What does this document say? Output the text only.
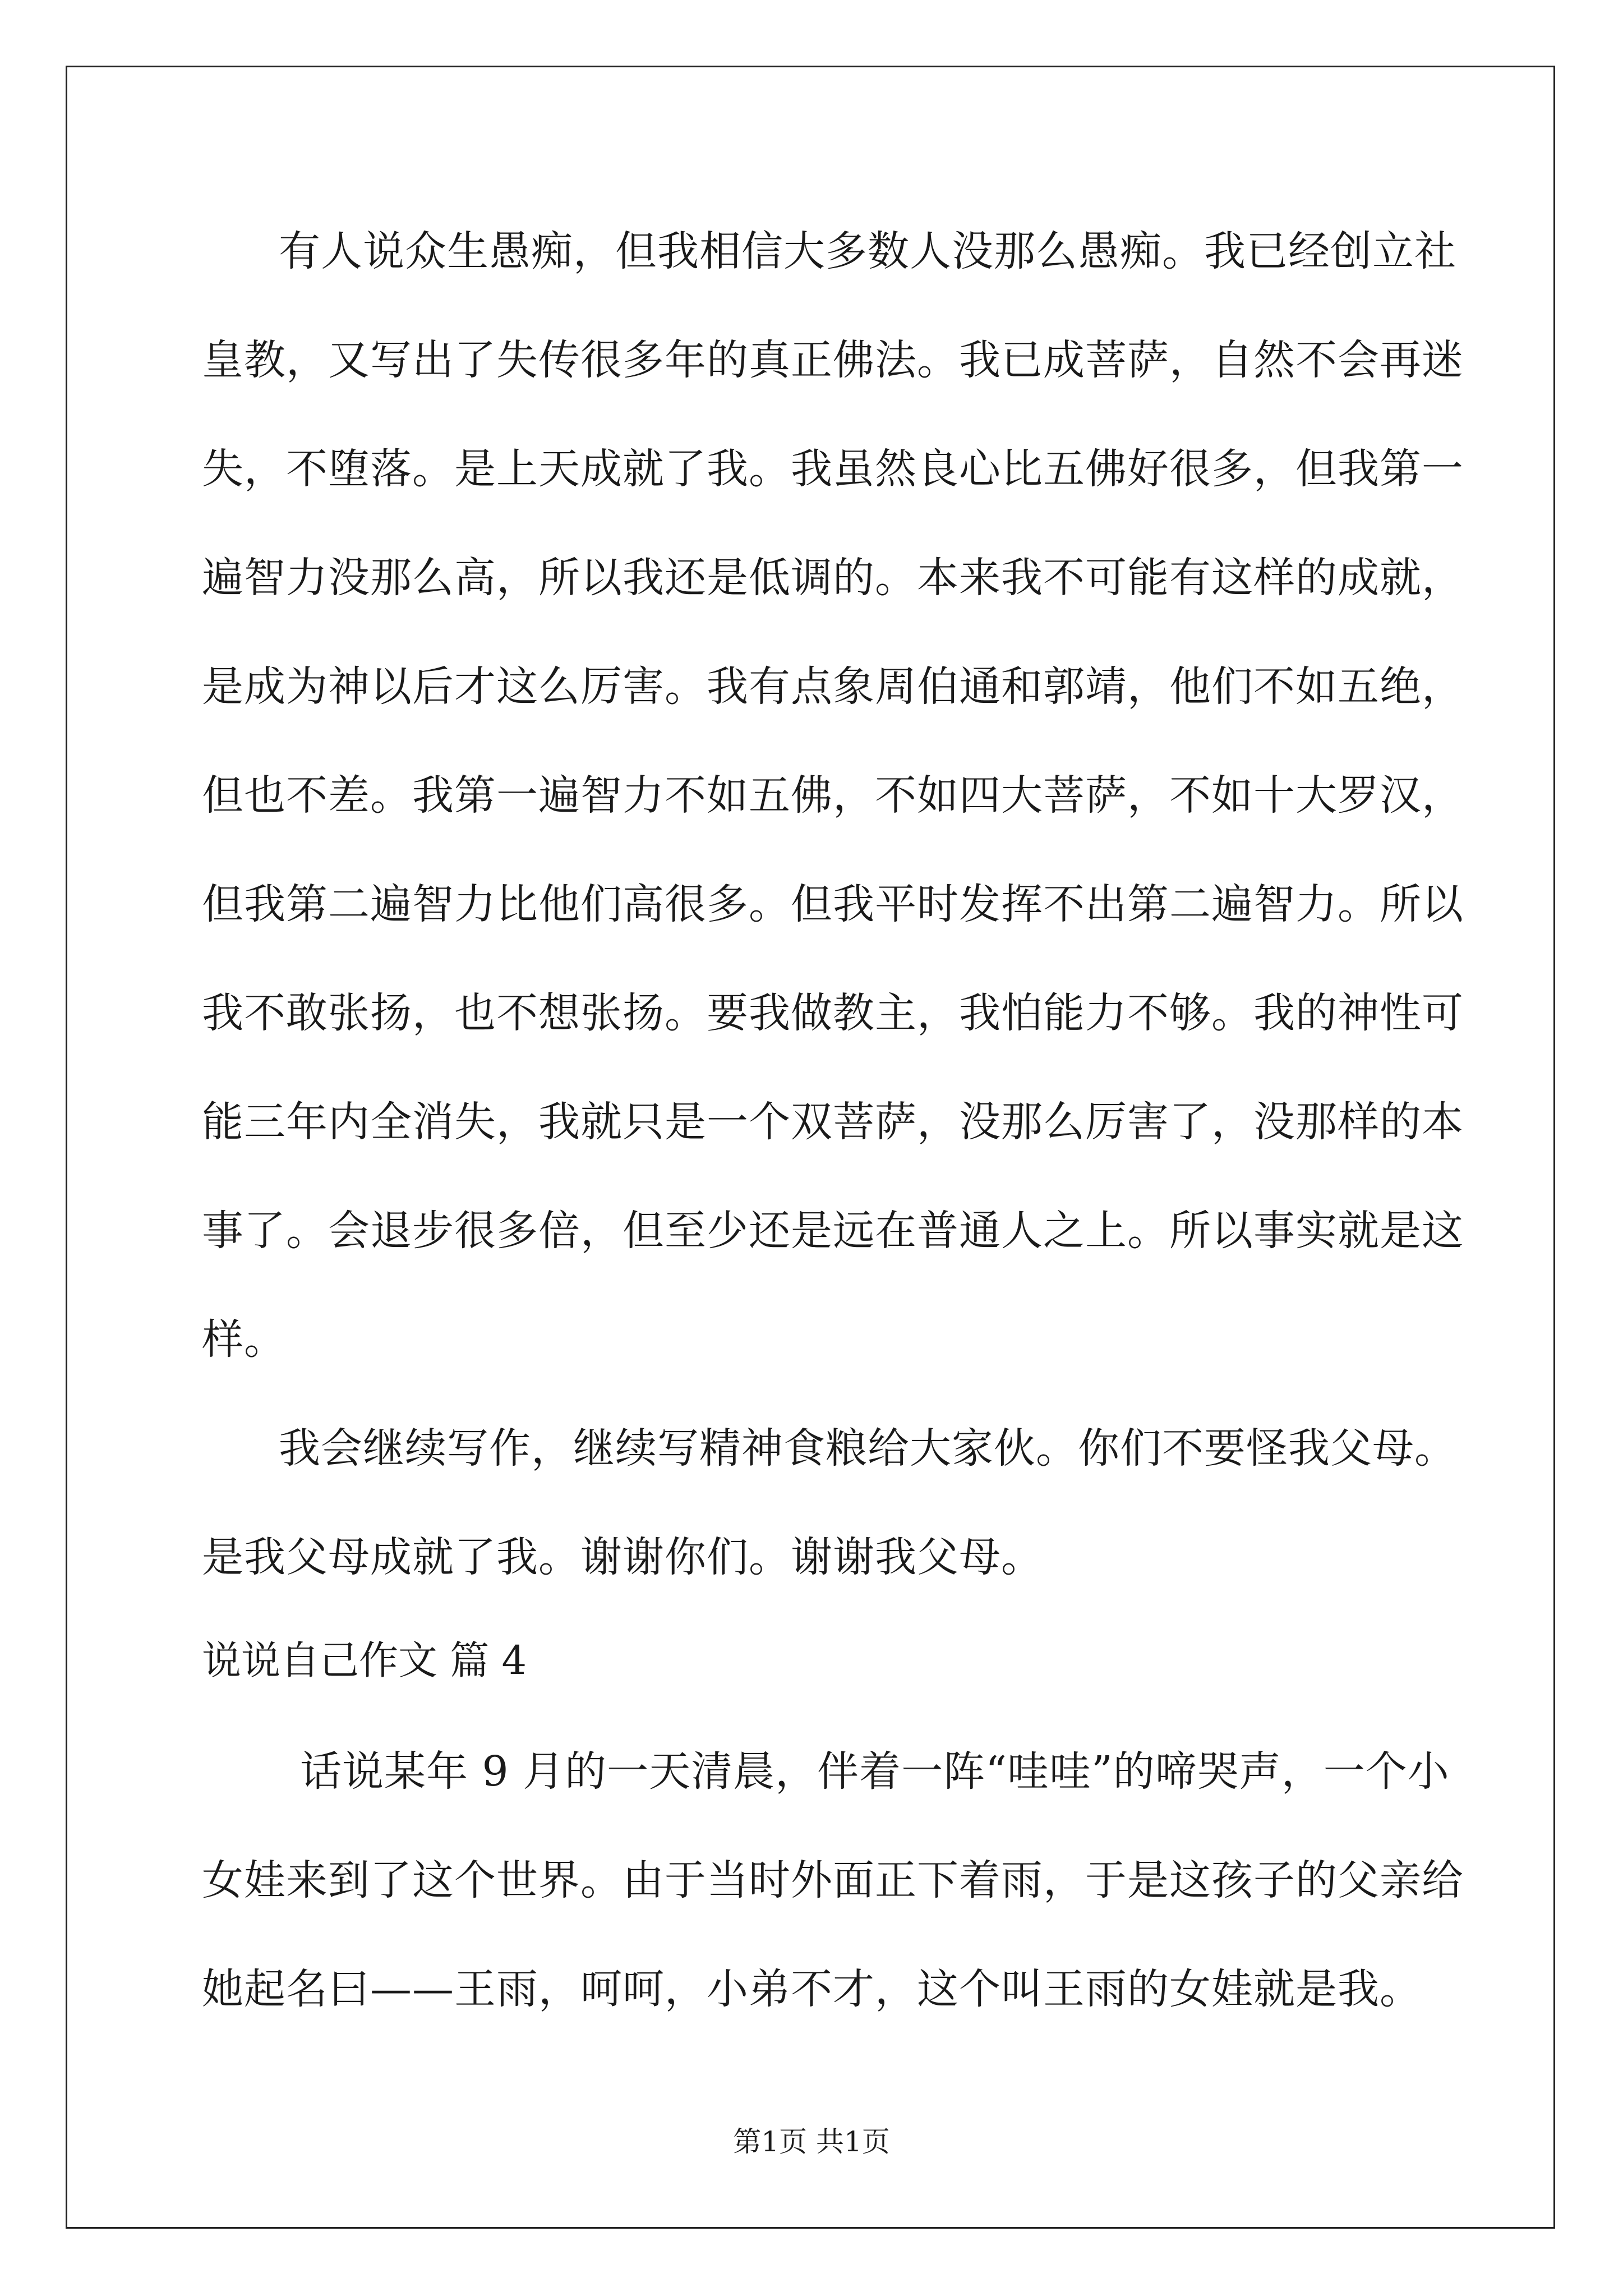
有人说众生愚痴，但我相信大多数人没那么愚痴。我已经创立社
皇教，又写出了失传很多年的真正佛法。我已成菩萨，自然不会再迷
失，不堕落。是上天成就了我。我虽然良心比五佛好很多，但我第一
遍智力没那么高，所以我还是低调的。本来我不可能有这样的成就，
是成为神以后才这么厉害。我有点象周伯通和郭靖，他们不如五绝，
但也不差。我第一遍智力不如五佛，不如四大菩萨，不如十大罗汉，
但我第二遍智力比他们高很多。但我平时发挥不出第二遍智力。所以
我不敢张扬，也不想张扬。要我做教主，我怕能力不够。我的神性可
能三年内全消失，我就只是一个双菩萨，没那么厉害了，没那样的本
事了。会退步很多倍，但至少还是远在普通人之上。所以事实就是这
样。
我会继续写作，继续写精神食粮给大家伙。你们不要怪我父母。
是我父母成就了我。谢谢你们。谢谢我父母。
说说自己作文 篇 4
话说某年 9 月的一天清晨，伴着一阵“哇哇”的啼哭声，一个小
女娃来到了这个世界。由于当时外面正下着雨，于是这孩子的父亲给
她起名曰——王雨，呵呵，小弟不才，这个叫王雨的女娃就是我。
第1页 共1页
